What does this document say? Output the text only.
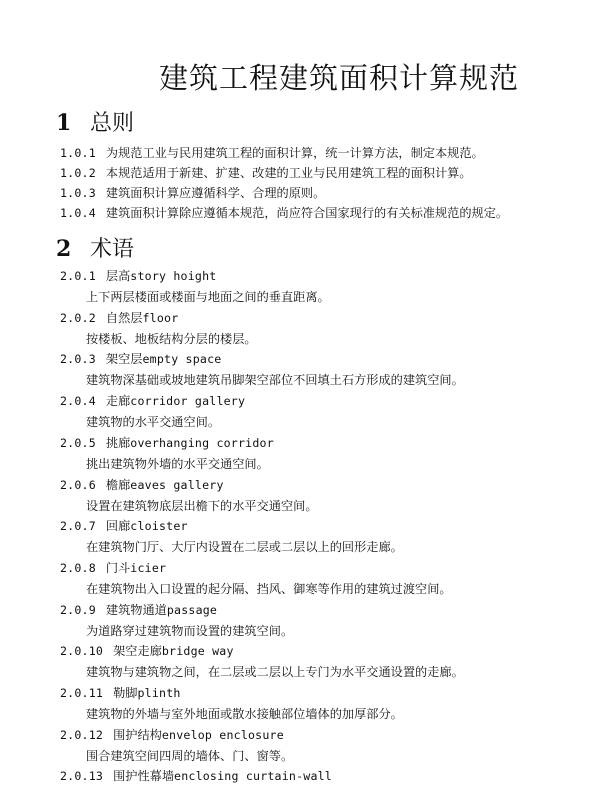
建筑工程建筑面积计算规范
1 总则
1.0.1 为规范工业与民用建筑工程的面积计算，统一计算方法，制定本规范。
1.0.2 本规范适用于新建、扩建、改建的工业与民用建筑工程的面积计算。
1.0.3 建筑面积计算应遵循科学、合理的原则。
1.0.4 建筑面积计算除应遵循本规范，尚应符合国家现行的有关标准规范的规定。
2 术语
2.0.1 层高story hoight
上下两层楼面或楼面与地面之间的垂直距离。
2.0.2 自然层floor
按楼板、地板结构分层的楼层。
2.0.3 架空层empty space
建筑物深基础或坡地建筑吊脚架空部位不回填土石方形成的建筑空间。
2.0.4 走廊corridor gallery
建筑物的水平交通空间。
2.0.5 挑廊overhanging corridor
挑出建筑物外墙的水平交通空间。
2.0.6 檐廊eaves gallery
设置在建筑物底层出檐下的水平交通空间。
2.0.7 回廊cloister
在建筑物门厅、大厅内设置在二层或二层以上的回形走廊。
2.0.8 门斗icier
在建筑物出入口设置的起分隔、挡风、御寒等作用的建筑过渡空间。
2.0.9 建筑物通道passage
为道路穿过建筑物而设置的建筑空间。
2.0.10 架空走廊bridge way
建筑物与建筑物之间，在二层或二层以上专门为水平交通设置的走廊。
2.0.11 勒脚plinth
建筑物的外墙与室外地面或散水接触部位墙体的加厚部分。
2.0.12 围护结构envelop enclosure
围合建筑空间四周的墙体、门、窗等。
2.0.13 围护性幕墙enclosing curtain-wall
